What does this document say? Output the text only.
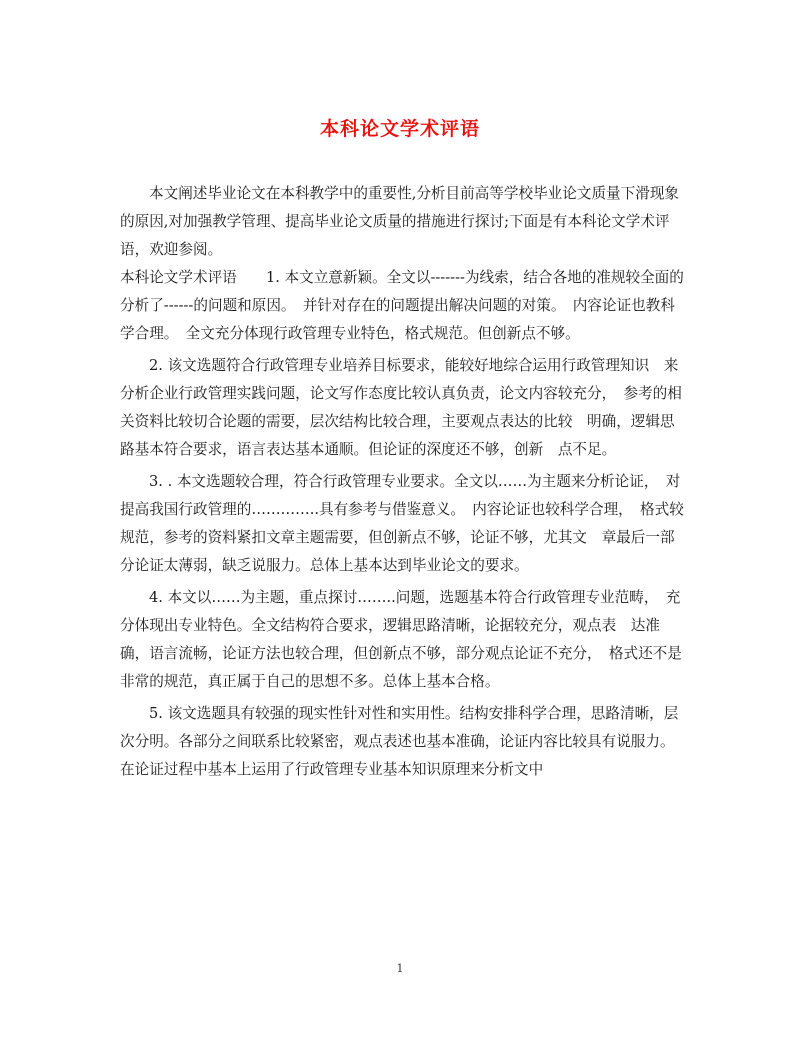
本科论文学术评语

本文阐述毕业论文在本科教学中的重要性,分析目前高等学校毕业论文质量下滑现象的原因,对加强教学管理、提高毕业论文质量的措施进行探讨;下面是有本科论文学术评语，欢迎参阅。

本科论文学术评语　　1. 本文立意新颖。全文以-------为线索，结合各地的准规较全面的分析了------的问题和原因。　并针对存在的问题提出解决问题的对策。　内容论证也教科学合理。　全文充分体现行政管理专业特色，格式规范。但创新点不够。

2. 该文选题符合行政管理专业培养目标要求，能较好地综合运用行政管理知识　来分析企业行政管理实践问题，论文写作态度比较认真负责，论文内容较充分，　参考的相关资料比较切合论题的需要，层次结构比较合理，主要观点表达的比较　明确，逻辑思路基本符合要求，语言表达基本通顺。但论证的深度还不够，创新　点不足。

3. . 本文选题较合理，符合行政管理专业要求。全文以……为主题来分析论证，　对提高我国行政管理的…………..具有参考与借鉴意义。　内容论证也较科学合理，　格式较规范，参考的资料紧扣文章主题需要，但创新点不够，论证不够，尤其文　章最后一部分论证太薄弱，缺乏说服力。总体上基本达到毕业论文的要求。

4. 本文以……为主题，重点探讨……..问题，选题基本符合行政管理专业范畴，　充分体现出专业特色。全文结构符合要求，逻辑思路清晰，论据较充分，观点表　达准确，语言流畅，论证方法也较合理，但创新点不够，部分观点论证不充分，　格式还不是非常的规范，真正属于自己的思想不多。总体上基本合格。

5. 该文选题具有较强的现实性针对性和实用性。结构安排科学合理，思路清晰，层次分明。各部分之间联系比较紧密，观点表述也基本准确，论证内容比较具有说服力。　在论证过程中基本上运用了行政管理专业基本知识原理来分析文中

1
